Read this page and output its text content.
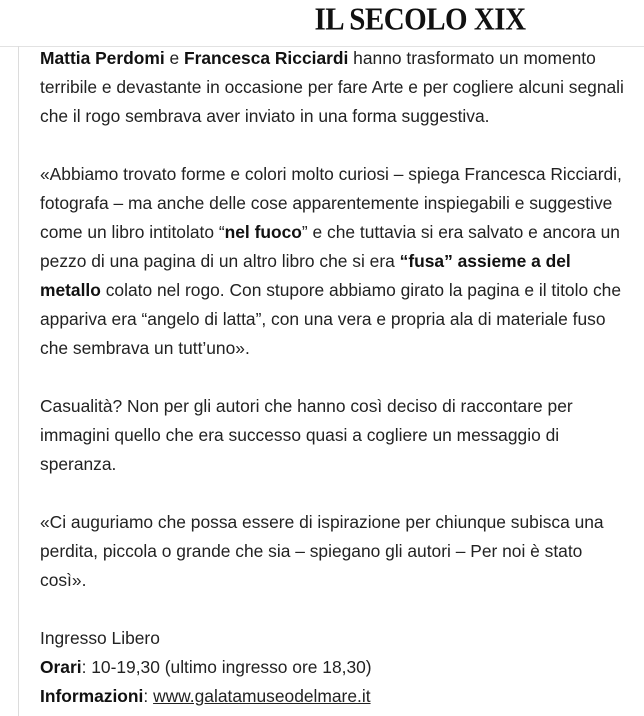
IL SECOLO XIX

Mattia Perdomi e Francesca Ricciardi hanno trasformato un momento terribile e devastante in occasione per fare Arte e per cogliere alcuni segnali che il rogo sembrava aver inviato in una forma suggestiva.

«Abbiamo trovato forme e colori molto curiosi – spiega Francesca Ricciardi, fotografa – ma anche delle cose apparentemente inspiegabili e suggestive come un libro intitolato “nel fuoco” e che tuttavia si era salvato e ancora un pezzo di una pagina di un altro libro che si era “fusa” assieme a del metallo colato nel rogo. Con stupore abbiamo girato la pagina e il titolo che appariva era “angelo di latta”, con una vera e propria ala di materiale fuso che sembrava un tutt’uno».

Casualità? Non per gli autori che hanno così deciso di raccontare per immagini quello che era successo quasi a cogliere un messaggio di speranza.

«Ci auguriamo che possa essere di ispirazione per chiunque subisca una perdita, piccola o grande che sia – spiegano gli autori – Per noi è stato così».

Ingresso Libero

Orari: 10-19,30 (ultimo ingresso ore 18,30)

Informazioni: www.galatamuseodelmare.it
